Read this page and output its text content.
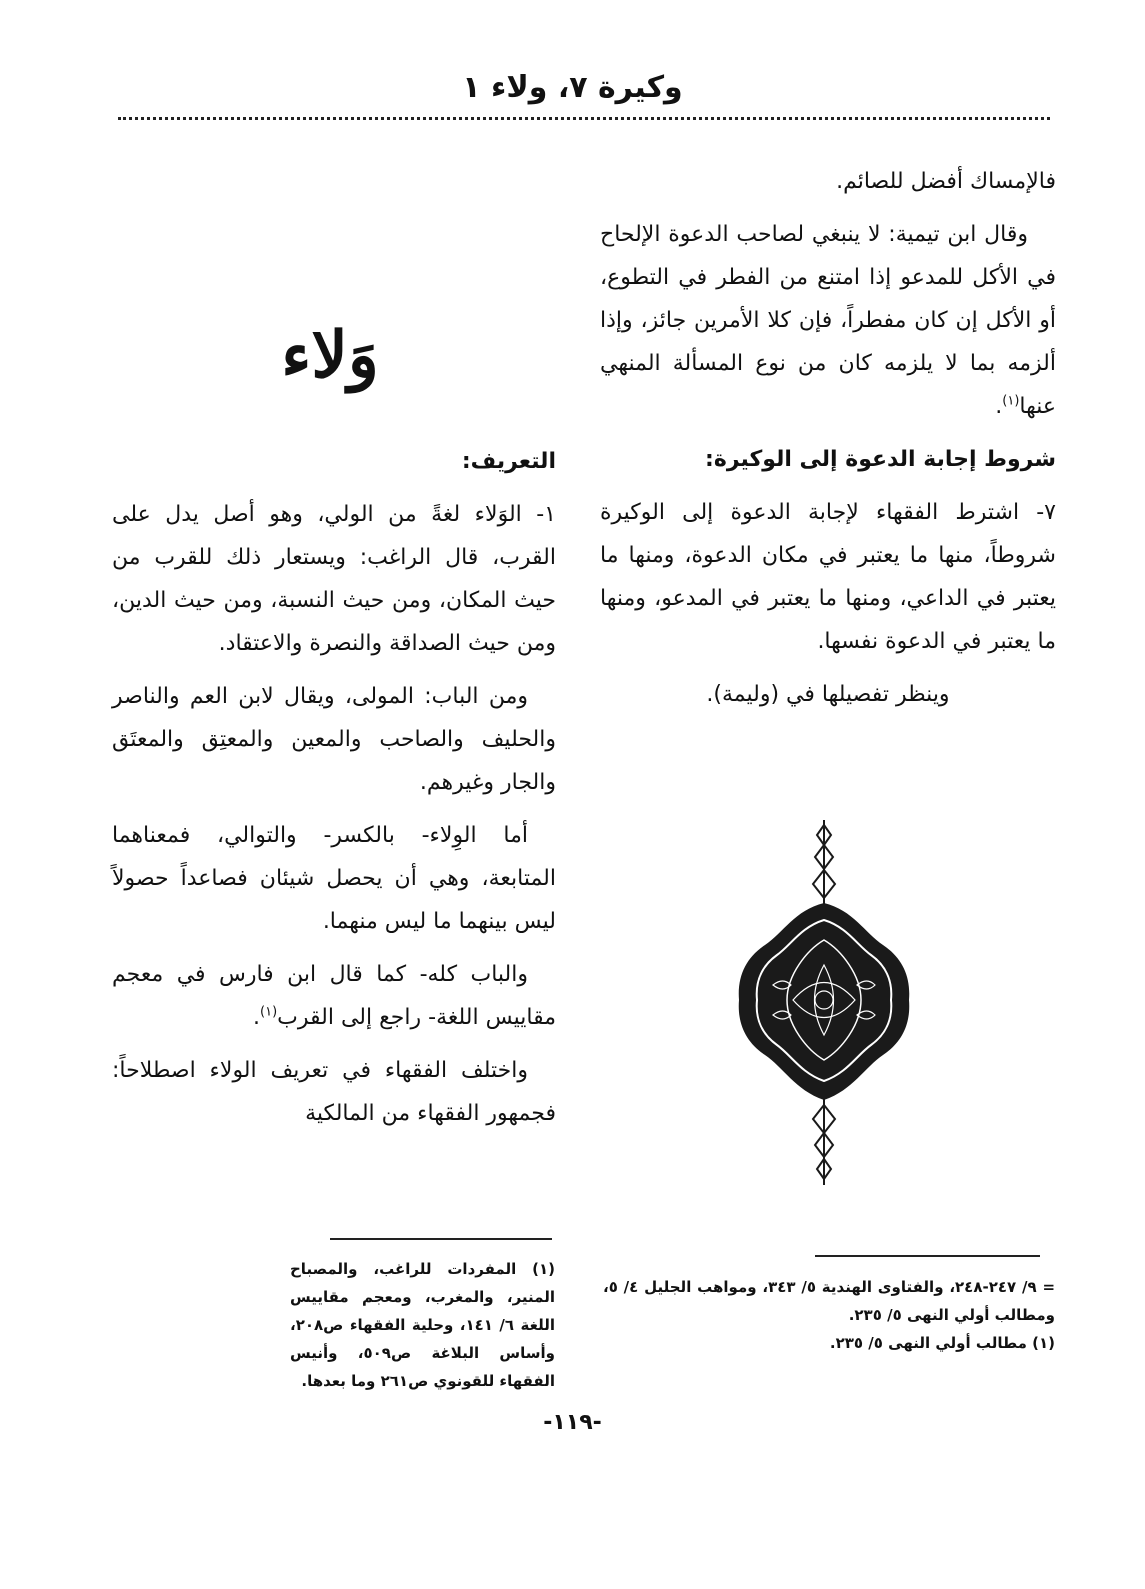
وكيرة ٧، ولاء ١

فالإمساك أفضل للصائم.

وقال ابن تيمية: لا ينبغي لصاحب الدعوة الإلحاح في الأكل للمدعو إذا امتنع من الفطر في التطوع، أو الأكل إن كان مفطراً، فإن كلا الأمرين جائز، وإذا ألزمه بما لا يلزمه كان من نوع المسألة المنهي عنها$^{(١)}$.

شروط إجابة الدعوة إلى الوكيرة:

٧- اشترط الفقهاء لإجابة الدعوة إلى الوكيرة شروطاً، منها ما يعتبر في مكان الدعوة، ومنها ما يعتبر في الداعي، ومنها ما يعتبر في المدعو، ومنها ما يعتبر في الدعوة نفسها.

وينظر تفصيلها في (وليمة).

وَلاء

التعريف:

١- الوَلاء لغةً من الولي، وهو أصل يدل على القرب، قال الراغب: ويستعار ذلك للقرب من حيث المكان، ومن حيث النسبة، ومن حيث الدين، ومن حيث الصداقة والنصرة والاعتقاد.

ومن الباب: المولى، ويقال لابن العم والناصر والحليف والصاحب والمعين والمعتِق والمعتَق والجار وغيرهم.

أما الوِلاء- بالكسر- والتوالي، فمعناهما المتابعة، وهي أن يحصل شيئان فصاعداً حصولاً ليس بينهما ما ليس منهما.

والباب كله- كما قال ابن فارس في معجم مقاييس اللغة- راجع إلى القرب$^{(١)}$.

واختلف الفقهاء في تعريف الولاء اصطلاحاً: فجمهور الفقهاء من المالكية

(١) المفردات للراغب، والمصباح المنير، والمغرب، ومعجم مقاييس اللغة ٦/ ١٤١، وحلية الفقهاء ص٢٠٨، وأساس البلاغة ص٥٠٩، وأنيس الفقهاء للقونوي ص٢٦١ وما بعدها.

= ٩/ ٢٤٧-٢٤٨، والفتاوى الهندية ٥/ ٣٤٣، ومواهب الجليل ٤/ ٥، ومطالب أولي النهى ٥/ ٢٣٥.

(١) مطالب أولي النهى ٥/ ٢٣٥.

-١١٩-
